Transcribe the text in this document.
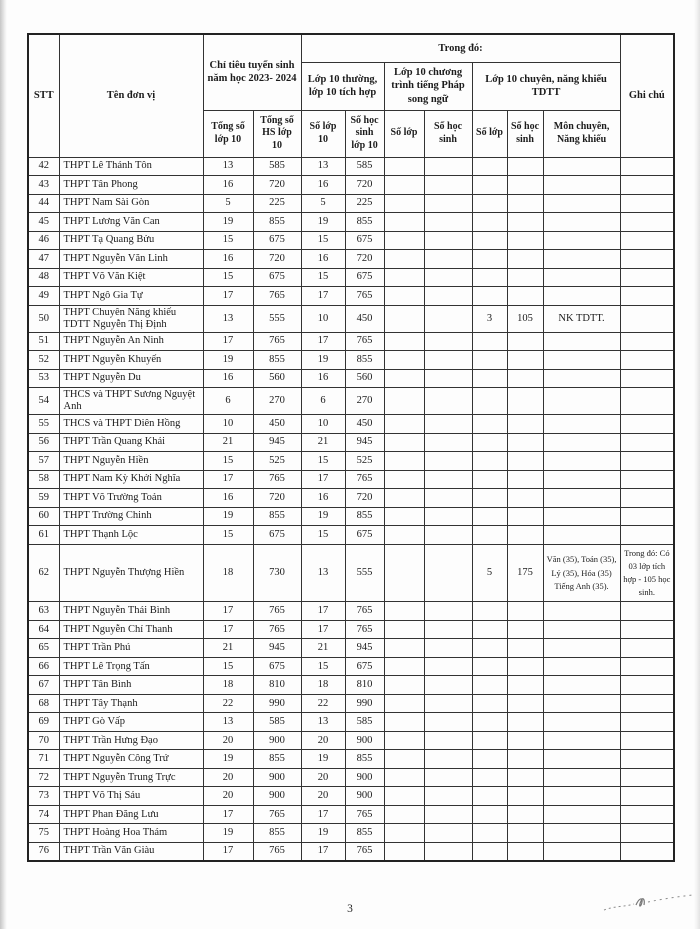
STT	Tên đơn vị	Chỉ tiêu tuyển sinh năm học 2023- 2024		Trong đó:							Ghi chú
				Lớp 10 thường, lớp 10 tích hợp		Lớp 10 chương trình tiếng Pháp song ngữ		Lớp 10 chuyên, năng khiếu TDTT			
		Tổng số lớp 10	Tổng số HS lớp 10	Số lớp 10	Số học sinh lớp 10	Số lớp	Số học sinh	Số lớp	Số học sinh	Môn chuyên, Năng khiếu	
42	THPT Lê Thánh Tôn	13	585	13	585						
43	THPT Tân Phong	16	720	16	720						
44	THPT Nam Sài Gòn	5	225	5	225						
45	THPT Lương Văn Can	19	855	19	855						
46	THPT Tạ Quang Bửu	15	675	15	675						
47	THPT Nguyễn Văn Linh	16	720	16	720						
48	THPT Võ Văn Kiệt	15	675	15	675						
49	THPT Ngô Gia Tự	17	765	17	765						
50	THPT Chuyên Năng khiếu TDTT Nguyễn Thị Định	13	555	10	450			3	105	NK TDTT.	
51	THPT Nguyễn An Ninh	17	765	17	765						
52	THPT Nguyễn Khuyến	19	855	19	855						
53	THPT Nguyễn Du	16	560	16	560						
54	THCS và THPT Sương Nguyệt Anh	6	270	6	270						
55	THCS và THPT Diên Hồng	10	450	10	450						
56	THPT Trần Quang Khải	21	945	21	945						
57	THPT Nguyễn Hiền	15	525	15	525						
58	THPT Nam Kỳ Khởi Nghĩa	17	765	17	765						
59	THPT Võ Trường Toản	16	720	16	720						
60	THPT Trường Chinh	19	855	19	855						
61	THPT Thạnh Lộc	15	675	15	675						
62	THPT Nguyễn Thượng Hiền	18	730	13	555			5	175	Văn (35), Toán (35), Lý (35), Hóa (35) Tiếng Anh (35).	Trong đó: Có 03 lớp tích hợp - 105 học sinh.
63	THPT Nguyễn Thái Bình	17	765	17	765						
64	THPT Nguyễn Chí Thanh	17	765	17	765						
65	THPT Trần Phú	21	945	21	945						
66	THPT Lê Trọng Tấn	15	675	15	675						
67	THPT Tân Bình	18	810	18	810						
68	THPT Tây Thạnh	22	990	22	990						
69	THPT Gò Vấp	13	585	13	585						
70	THPT Trần Hưng Đạo	20	900	20	900						
71	THPT Nguyễn Công Trứ	19	855	19	855						
72	THPT Nguyễn Trung Trực	20	900	20	900						
73	THPT Võ Thị Sáu	20	900	20	900						
74	THPT Phan Đăng Lưu	17	765	17	765						
75	THPT Hoàng Hoa Thám	19	855	19	855						
76	THPT Trần Văn Giàu	17	765	17	765						
3
